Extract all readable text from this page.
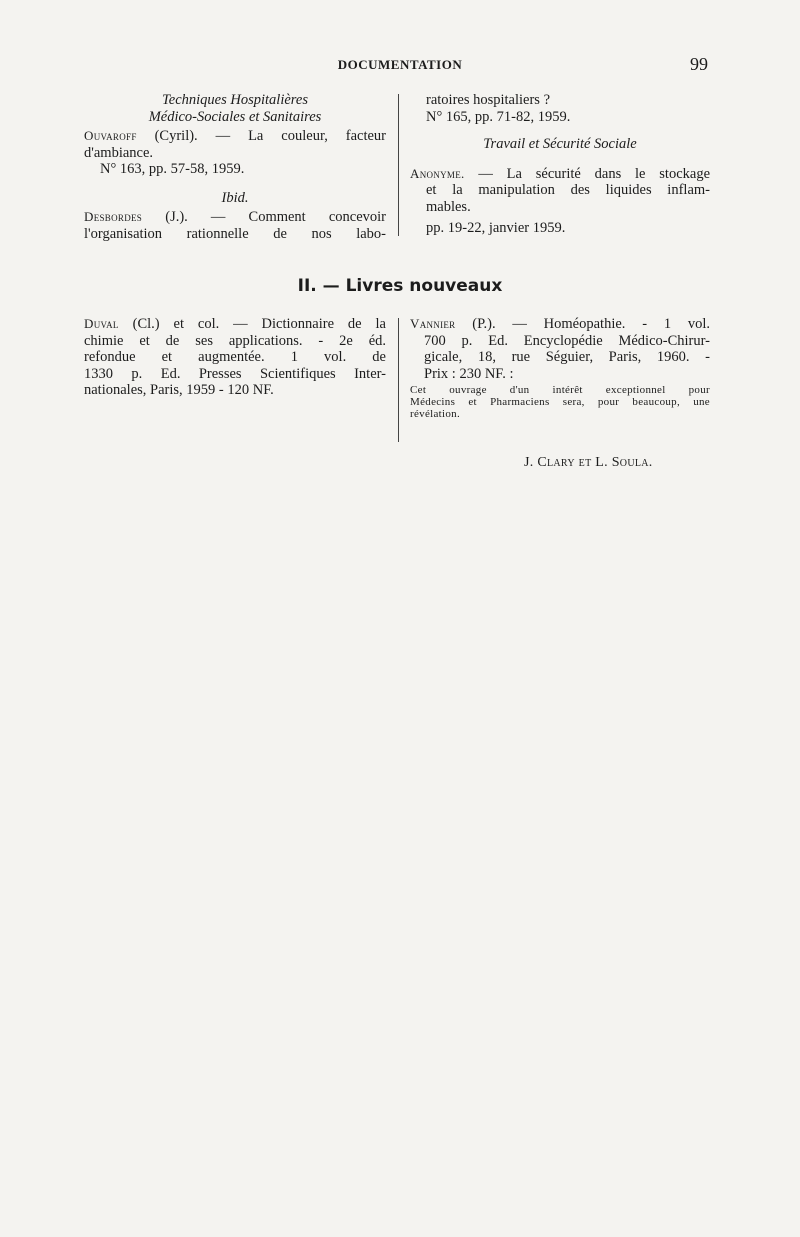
DOCUMENTATION	99

Techniques Hospitalières

Médico-Sociales et Sanitaires

Ouvaroff (Cyril). — La couleur, facteur

d'ambiance.

N° 163, pp. 57-58, 1959.

Ibid.

Desbordes (J.). — Comment concevoir

l'organisation rationnelle de nos labo-

ratoires hospitaliers ?

N° 165, pp. 71-82, 1959.

Travail et Sécurité Sociale

Anonyme. — La sécurité dans le stockage

et la manipulation des liquides inflam-

mables.

pp. 19-22, janvier 1959.

II. — Livres nouveaux

Duval (Cl.) et col. — Dictionnaire de la

chimie et de ses applications. - 2e éd.

refondue et augmentée. 1 vol. de

1330 p. Ed. Presses Scientifiques Inter-

nationales, Paris, 1959 - 120 NF.

Vannier (P.). — Homéopathie. - 1 vol.

700 p. Ed. Encyclopédie Médico-Chirur-

gicale, 18, rue Séguier, Paris, 1960. -

Prix : 230 NF. :

Cet ouvrage d'un intérêt exceptionnel pour

Médecins et Pharmaciens sera, pour beaucoup, une

révélation.

J. Clary et L. Soula.
